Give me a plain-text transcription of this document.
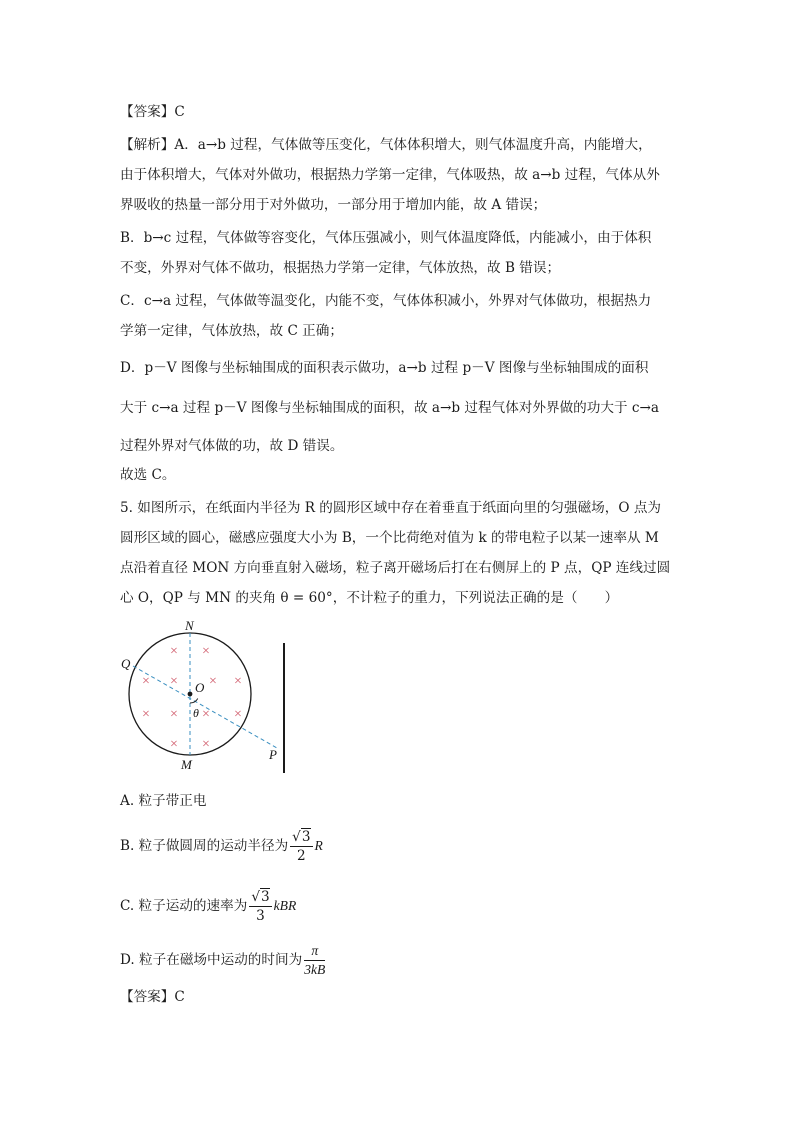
【答案】C
【解析】A．a→b 过程，气体做等压变化，气体体积增大，则气体温度升高，内能增大，
由于体积增大，气体对外做功，根据热力学第一定律，气体吸热，故 a→b 过程，气体从外
界吸收的热量一部分用于对外做功，一部分用于增加内能，故 A 错误；
B．b→c 过程，气体做等容变化，气体压强减小，则气体温度降低，内能减小，由于体积
不变，外界对气体不做功，根据热力学第一定律，气体放热，故 B 错误；
C．c→a 过程，气体做等温变化，内能不变，气体体积减小，外界对气体做功，根据热力
学第一定律，气体放热，故 C 正确；
D．p－V 图像与坐标轴围成的面积表示做功，a→b 过程 p－V 图像与坐标轴围成的面积
大于 c→a 过程 p－V 图像与坐标轴围成的面积，故 a→b 过程气体对外界做的功大于 c→a
过程外界对气体做的功，故 D 错误。
故选 C。
5. 如图所示，在纸面内半径为 R 的圆形区域中存在着垂直于纸面向里的匀强磁场，O 点为
圆形区域的圆心，磁感应强度大小为 B，一个比荷绝对值为 k 的带电粒子以某一速率从 M
点沿着直径 MON 方向垂直射入磁场，粒子离开磁场后打在右侧屏上的 P 点，QP 连线过圆
心 O，QP 与 MN 的夹角 θ = 60°，不计粒子的重力，下列说法正确的是（　　）
× ×
× × × ×
× × × ×
× ×
N
Q
O
θ
M
P
A. 粒子带正电
B. 粒子做圆周的运动半径为 $\frac{√3}{2}$ R
C. 粒子运动的速率为 $\frac{√3}{3}$ kBR
D. 粒子在磁场中运动的时间为 $\frac{\pi}{3kB}$
【答案】C
